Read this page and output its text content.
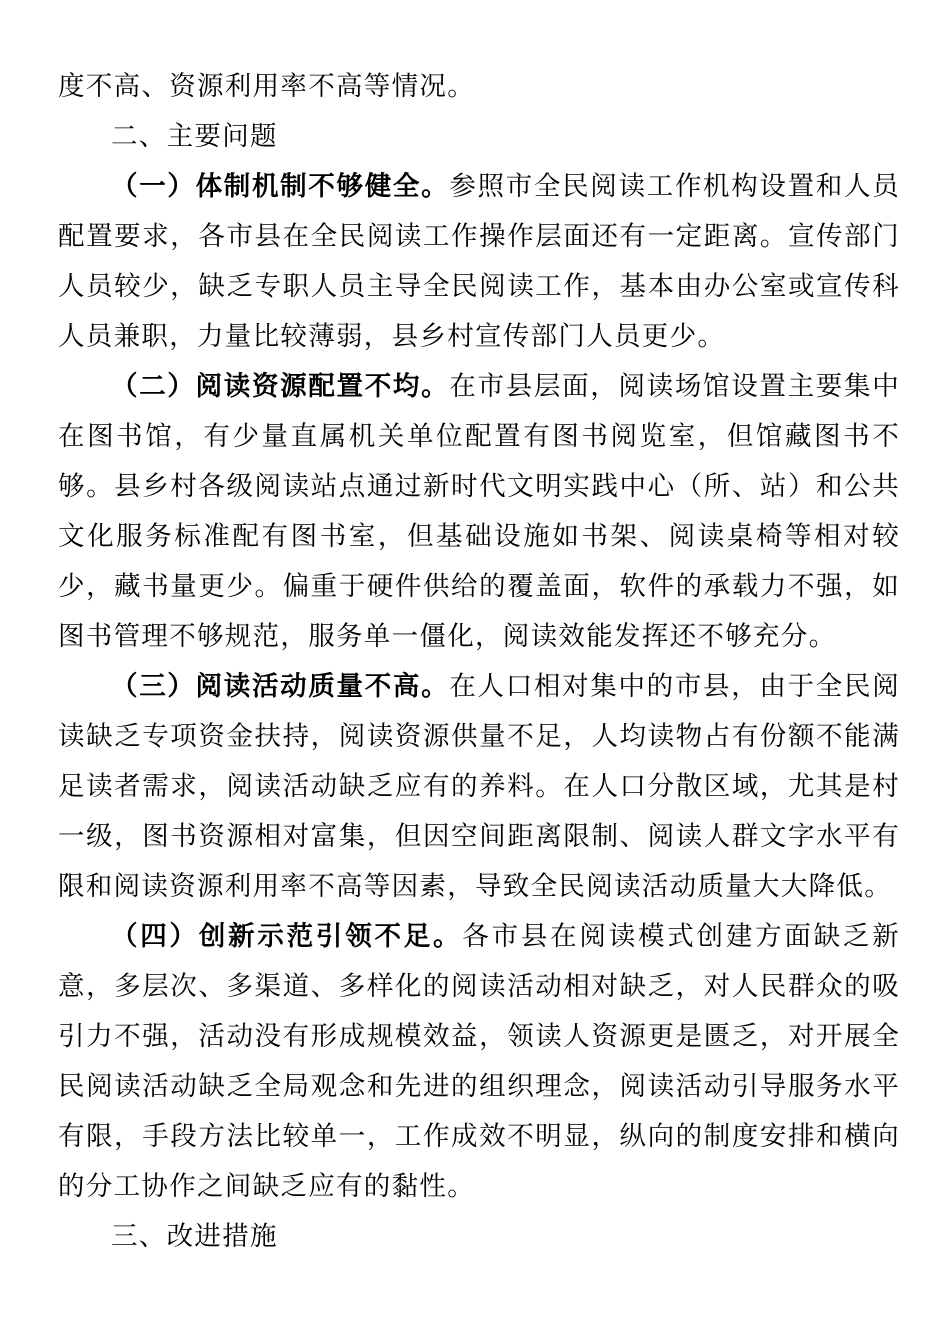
度不高、资源利用率不高等情况。

二、主要问题

（一）体制机制不够健全。参照市全民阅读工作机构设置和人员配置要求，各市县在全民阅读工作操作层面还有一定距离。宣传部门人员较少，缺乏专职人员主导全民阅读工作，基本由办公室或宣传科人员兼职，力量比较薄弱，县乡村宣传部门人员更少。

（二）阅读资源配置不均。在市县层面，阅读场馆设置主要集中在图书馆，有少量直属机关单位配置有图书阅览室，但馆藏图书不够。县乡村各级阅读站点通过新时代文明实践中心（所、站）和公共文化服务标准配有图书室，但基础设施如书架、阅读桌椅等相对较少，藏书量更少。偏重于硬件供给的覆盖面，软件的承载力不强，如图书管理不够规范，服务单一僵化，阅读效能发挥还不够充分。

（三）阅读活动质量不高。在人口相对集中的市县，由于全民阅读缺乏专项资金扶持，阅读资源供量不足，人均读物占有份额不能满足读者需求，阅读活动缺乏应有的养料。在人口分散区域，尤其是村一级，图书资源相对富集，但因空间距离限制、阅读人群文字水平有限和阅读资源利用率不高等因素，导致全民阅读活动质量大大降低。

（四）创新示范引领不足。各市县在阅读模式创建方面缺乏新意，多层次、多渠道、多样化的阅读活动相对缺乏，对人民群众的吸引力不强，活动没有形成规模效益，领读人资源更是匮乏，对开展全民阅读活动缺乏全局观念和先进的组织理念，阅读活动引导服务水平有限，手段方法比较单一，工作成效不明显，纵向的制度安排和横向的分工协作之间缺乏应有的黏性。

三、改进措施
